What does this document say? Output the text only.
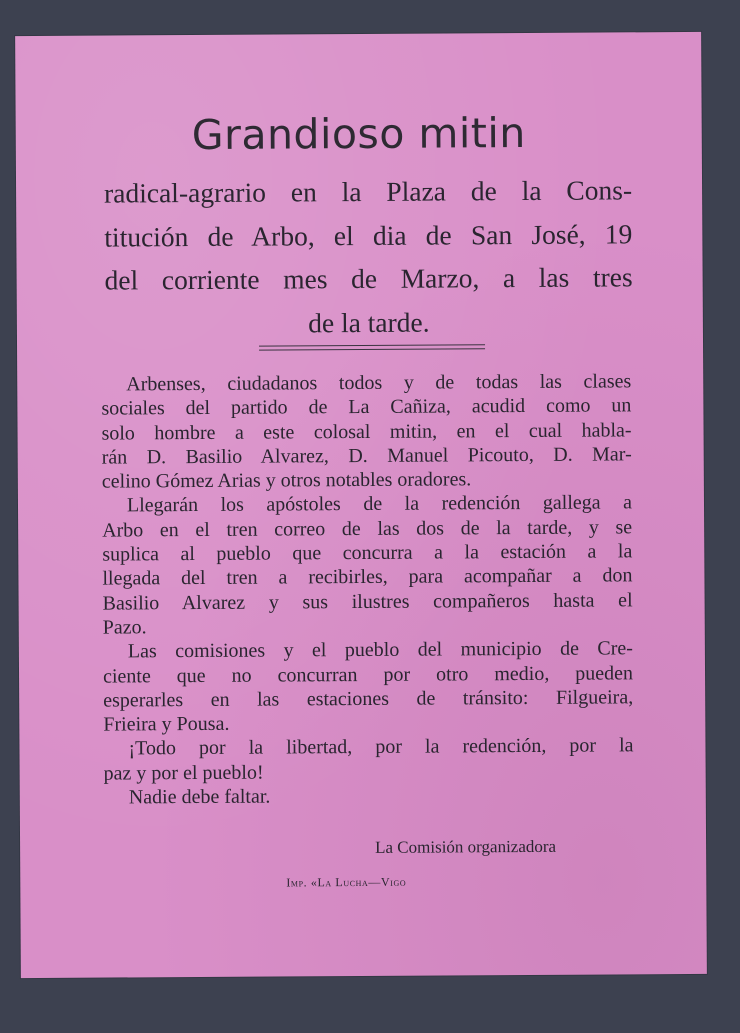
Grandioso mitin
radical-agrario en la Plaza de la Cons-
titución de Arbo, el dia de San José, 19
del corriente mes de Marzo, a las tres
de la tarde.
Arbenses, ciudadanos todos y de todas las clases
sociales del partido de La Cañiza, acudid como un
solo hombre a este colosal mitin, en el cual habla-
rán D. Basilio Alvarez, D. Manuel Picouto, D. Mar-
celino Gómez Arias y otros notables oradores.
Llegarán los apóstoles de la redención gallega a
Arbo en el tren correo de las dos de la tarde, y se
suplica al pueblo que concurra a la estación a la
llegada del tren a recibirles, para acompañar a don
Basilio Alvarez y sus ilustres compañeros hasta el
Pazo.
Las comisiones y el pueblo del municipio de Cre-
ciente que no concurran por otro medio, pueden
esperarles en las estaciones de tránsito: Filgueira,
Frieira y Pousa.
¡Todo por la libertad, por la redención, por la
paz y por el pueblo!
Nadie debe faltar.
La Comisión organizadora
Imp. «La Lucha—Vigo
